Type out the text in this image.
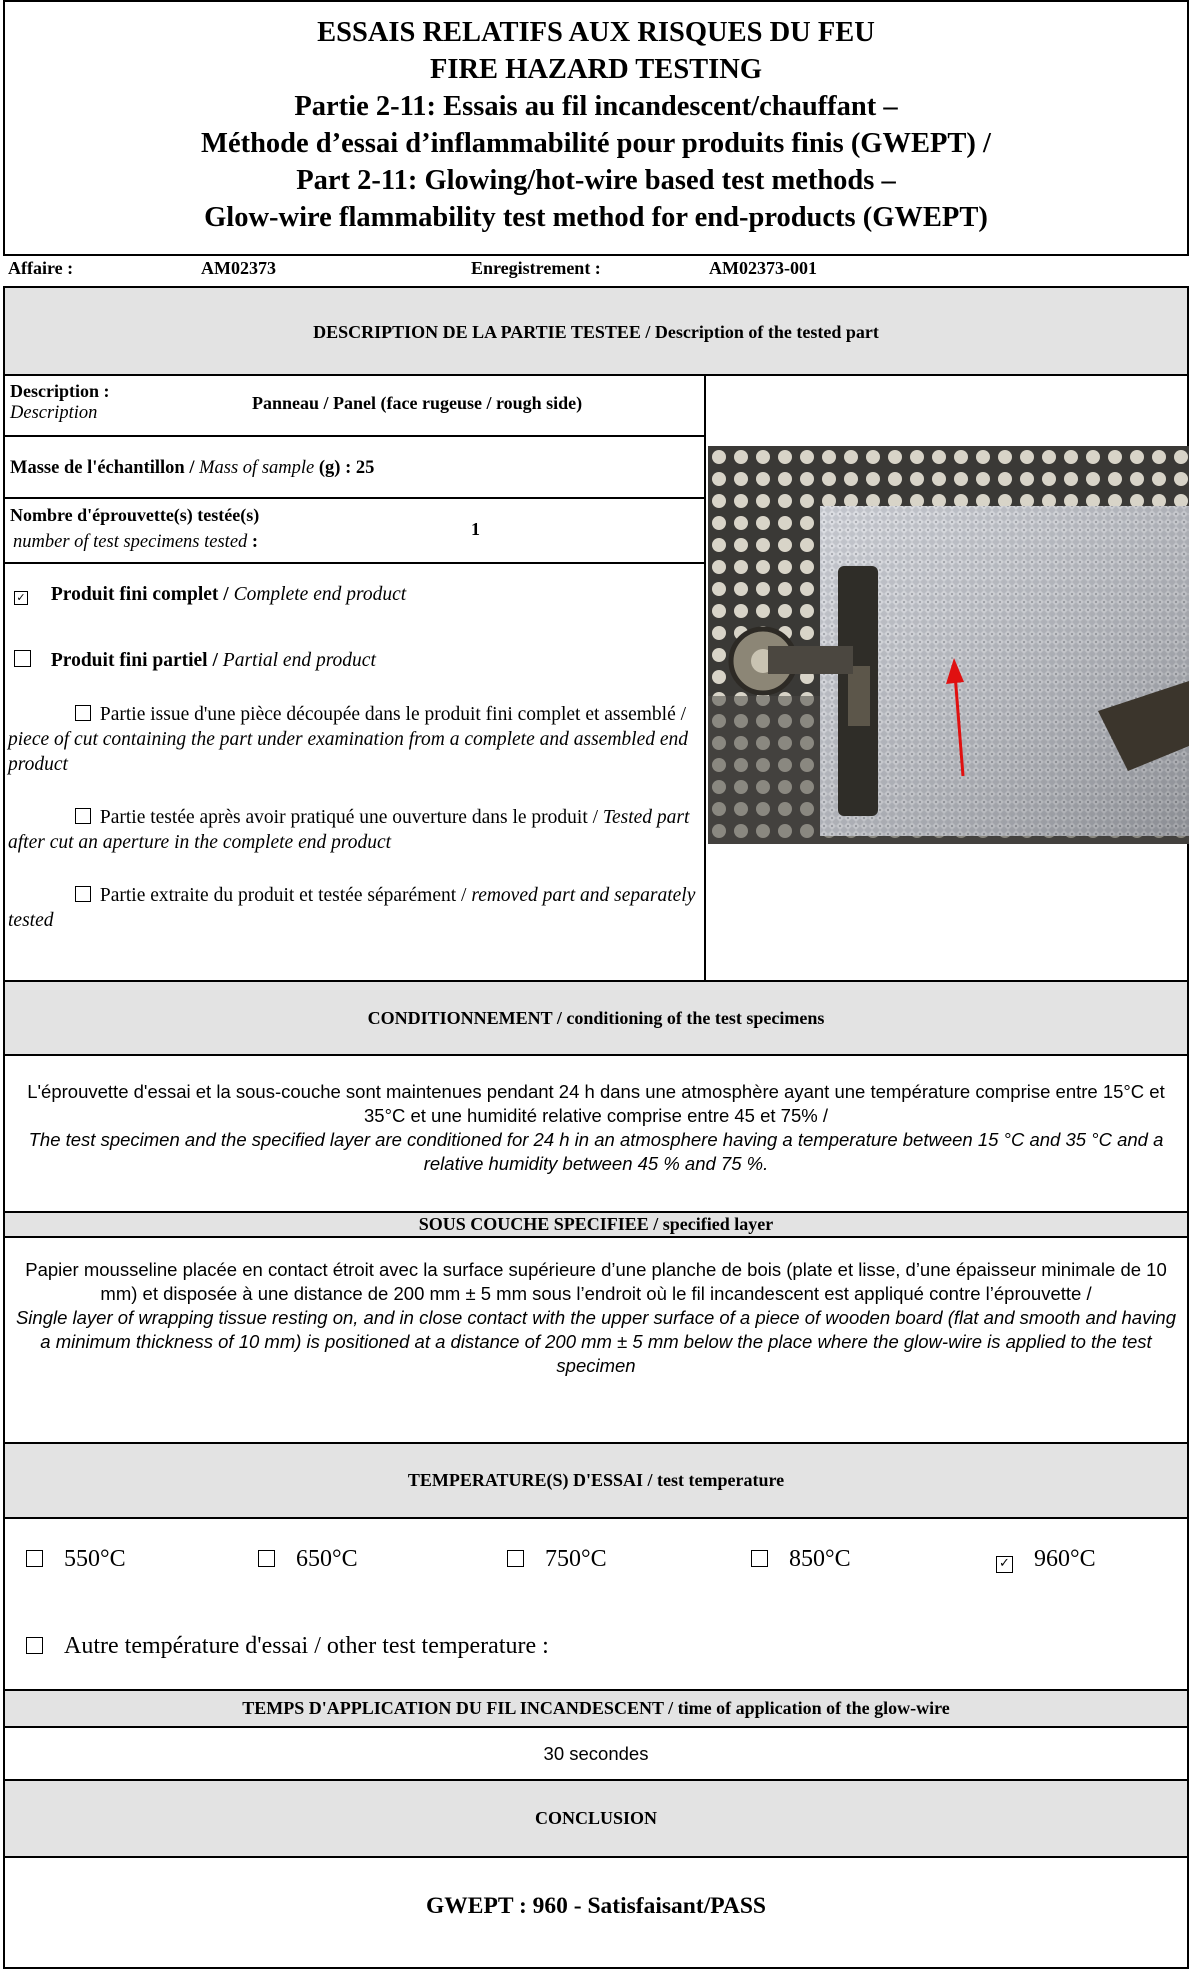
ESSAIS RELATIFS AUX RISQUES DU FEU
FIRE HAZARD TESTING
Partie 2-11: Essais au fil incandescent/chauffant –
Méthode d’essai d’inflammabilité pour produits finis (GWEPT) /
Part 2-11: Glowing/hot-wire based test methods –
Glow-wire flammability test method for end-products (GWEPT)
Affaire :	AM02373	Enregistrement :	AM02373-001
DESCRIPTION DE LA PARTIE TESTEE / Description of the tested part
Description :
Description	Panneau / Panel (face rugeuse / rough side)
Masse de l'échantillon / Mass of sample (g) : 25
Nombre d'éprouvette(s) testée(s)
number of test specimens tested :
1
✓ Produit fini complet / Complete end product
Produit fini partiel / Partial end product
Partie issue d'une pièce découpée dans le produit fini complet et assemblé / piece of cut containing the part under examination from a complete and assembled end product
Partie testée après avoir pratiqué une ouverture dans le produit / Tested part after cut an aperture in the complete end product
Partie extraite du produit et testée séparément / removed part and separately tested
CONDITIONNEMENT / conditioning of the test specimens
L'éprouvette d'essai et la sous-couche sont maintenues pendant 24 h dans une atmosphère ayant une température comprise entre 15°C et 35°C et une humidité relative comprise entre 45 et 75% /
The test specimen and the specified layer are conditioned for 24 h in an atmosphere having a temperature between 15 °C and 35 °C and a relative humidity between 45 % and 75 %.
SOUS COUCHE SPECIFIEE / specified layer
Papier mousseline placée en contact étroit avec la surface supérieure d’une planche de bois (plate et lisse, d’une épaisseur minimale de 10 mm) et disposée à une distance de 200 mm ± 5 mm sous l’endroit où le fil incandescent est appliqué contre l’éprouvette /
Single layer of wrapping tissue resting on, and in close contact with the upper surface of a piece of wooden board (flat and smooth and having a minimum thickness of 10 mm) is positioned at a distance of 200 mm ± 5 mm below the place where the glow-wire is applied to the test specimen
TEMPERATURE(S) D'ESSAI / test temperature
550°C	650°C	750°C	850°C	✓ 960°C
Autre température d'essai / other test temperature :
TEMPS D'APPLICATION DU FIL INCANDESCENT / time of application of the glow-wire
30 secondes
CONCLUSION
GWEPT : 960 - Satisfaisant/PASS
